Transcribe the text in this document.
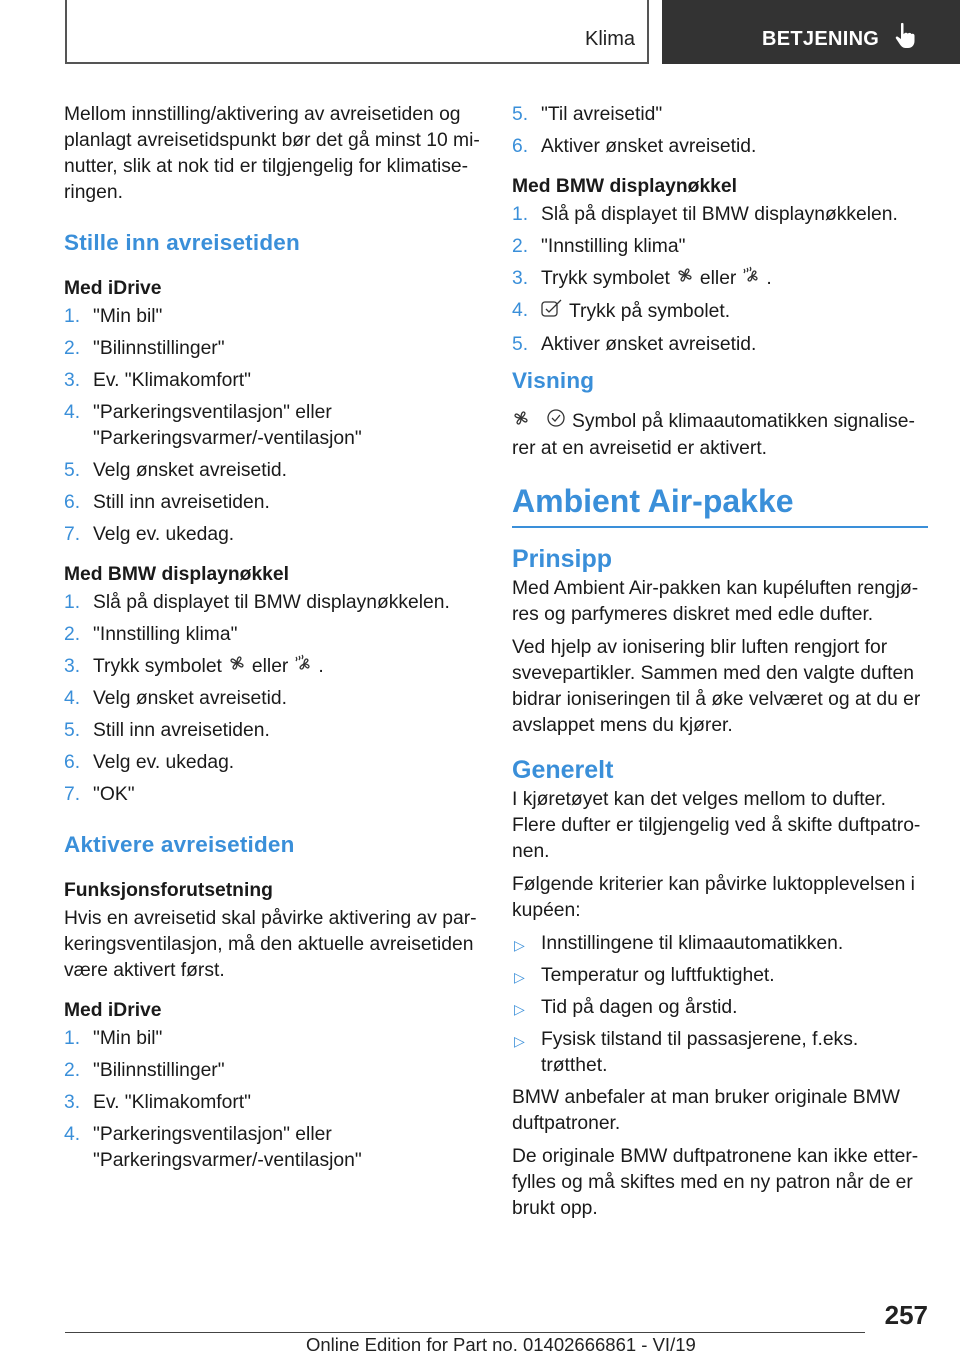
Klima	BETJENING

Mellom innstilling/aktivering av avreisetiden og planlagt avreisetidspunkt bør det gå minst 10 minutter, slik at nok tid er tilgjengelig for klimatiseringen.

Stille inn avreisetiden
Med iDrive
1. "Min bil"
2. "Bilinnstillinger"
3. Ev. "Klimakomfort"
4. "Parkeringsventilasjon" eller "Parkeringsvarmer/-ventilasjon"
5. Velg ønsket avreisetid.
6. Still inn avreisetiden.
7. Velg ev. ukedag.
Med BMW displaynøkkel
1. Slå på displayet til BMW displaynøkkelen.
2. "Innstilling klima"
3. Trykk symbolet eller .
4. Velg ønsket avreisetid.
5. Still inn avreisetiden.
6. Velg ev. ukedag.
7. "OK"
Aktivere avreisetiden
Funksjonsforutsetning

Hvis en avreisetid skal påvirke aktivering av parkeringsventilasjon, må den aktuelle avreisetiden være aktivert først.

Med iDrive
1. "Min bil"
2. "Bilinnstillinger"
3. Ev. "Klimakomfort"
4. "Parkeringsventilasjon" eller "Parkeringsvarmer/-ventilasjon"
5. "Til avreisetid"
6. Aktiver ønsket avreisetid.
Med BMW displaynøkkel
1. Slå på displayet til BMW displaynøkkelen.
2. "Innstilling klima"
3. Trykk symbolet eller .
4. Trykk på symbolet.
5. Aktiver ønsket avreisetid.
Visning

Symbol på klimaautomatikken signaliserer at en avreisetid er aktivert.

Ambient Air-pakke
Prinsipp

Med Ambient Air-pakken kan kupéluften rengjøres og parfymeres diskret med edle dufter.

Ved hjelp av ionisering blir luften rengjort for svevepartikler. Sammen med den valgte duften bidrar ioniseringen til å øke velværet og at du er avslappet mens du kjører.

Generelt

I kjøretøyet kan det velges mellom to dufter. Flere dufter er tilgjengelig ved å skifte duftpatronen.

Følgende kriterier kan påvirke luktopplevelsen i kupéen:

▷ Innstillingene til klimaautomatikken.
▷ Temperatur og luftfuktighet.
▷ Tid på dagen og årstid.
▷ Fysisk tilstand til passasjerene, f.eks. trøtthet.

BMW anbefaler at man bruker originale BMW duftpatroner.

De originale BMW duftpatronene kan ikke etterfylles og må skiftes med en ny patron når de er brukt opp.

257
Online Edition for Part no. 01402666861 - VI/19
